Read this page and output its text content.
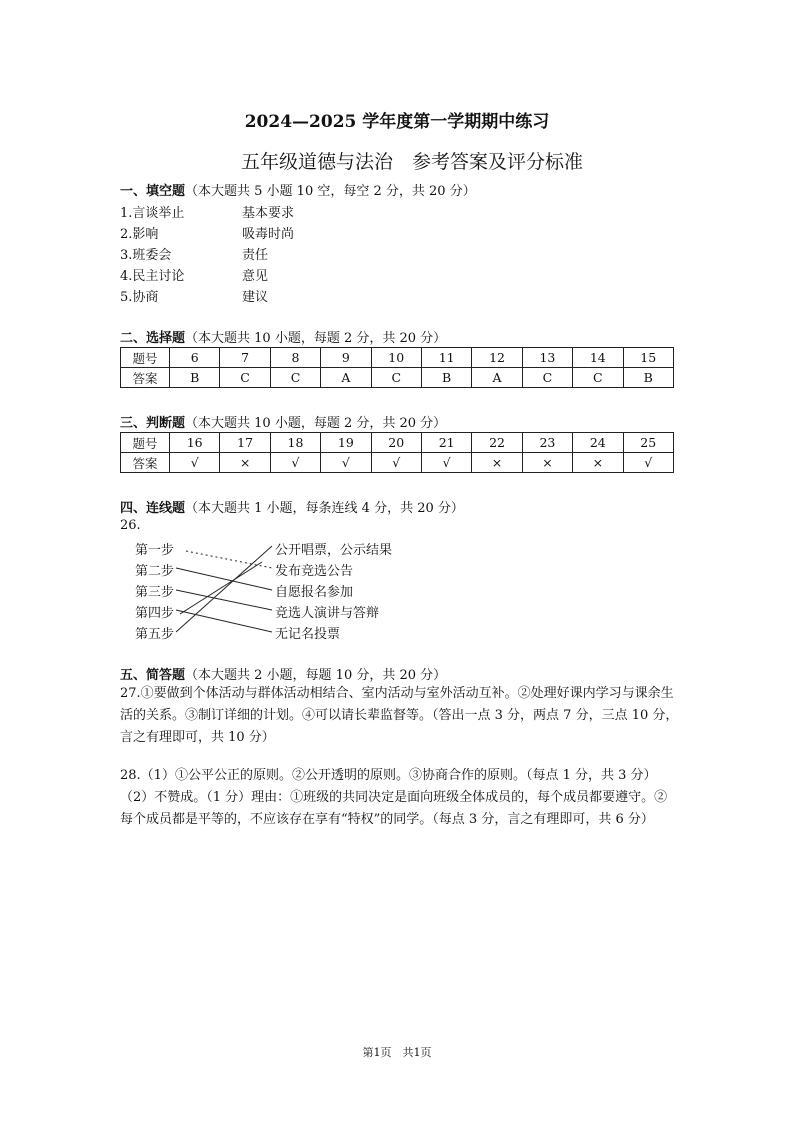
2024—2025 学年度第一学期期中练习
五年级道德与法治　参考答案及评分标准
一、填空题（本大题共 5 小题 10 空，每空 2 分，共 20 分）
1.言谈举止	基本要求
2.影响	吸毒时尚
3.班委会	责任
4.民主讨论	意见
5.协商	建议
二、选择题（本大题共 10 小题，每题 2 分，共 20 分）
题号	6	7	8	9	10	11	12	13	14	15
答案	B	C	C	A	C	B	A	C	C	B
三、判断题（本大题共 10 小题，每题 2 分，共 20 分）
题号	16	17	18	19	20	21	22	23	24	25
答案	√	×	√	√	√	√	×	×	×	√
四、连线题（本大题共 1 小题，每条连线 4 分，共 20 分）
26.
第一步
第二步
第三步
第四步
第五步
公开唱票，公示结果
发布竞选公告
自愿报名参加
竞选人演讲与答辩
无记名投票
五、简答题（本大题共 2 小题，每题 10 分，共 20 分）
27.①要做到个体活动与群体活动相结合、室内活动与室外活动互补。②处理好课内学习与课余生活的关系。③制订详细的计划。④可以请长辈监督等。（答出一点 3 分，两点 7 分，三点 10 分，言之有理即可，共 10 分）
28.（1）①公平公正的原则。②公开透明的原则。③协商合作的原则。（每点 1 分，共 3 分）
（2）不赞成。（1 分）理由：①班级的共同决定是面向班级全体成员的，每个成员都要遵守。②每个成员都是平等的，不应该存在享有“特权”的同学。（每点 3 分，言之有理即可，共 6 分）
第1页　共1页
